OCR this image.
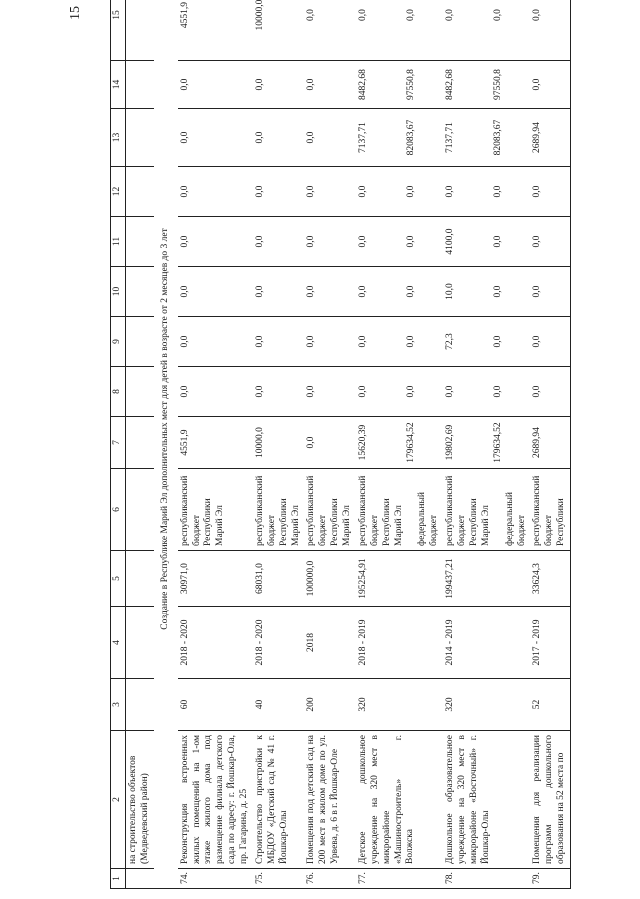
15
1	2	3	4	5	6	7	8	9	10	11	12	13	14	15
	на строительство объектов (Медведевский район)													
Создание в Республике Марий Эл дополнительных мест для детей в возрасте от 2 месяцев до 3 лет														
74.	Реконструкция встроенных жилых помещений на 1-ом этаже жилого дома под размещение филиала детского сада по адресу: г. Йошкар-Ола, пр. Гагарина, д. 25	60	2018 - 2020	30971,0	республиканский бюджет Республики Марий Эл	4551,9	0,0	0,0	0,0	0,0	0,0	0,0	0,0	4551,9

75.	Строительство пристройки к МБДОУ «Детский сад № 41 г. Йошкар-Олы	40	2018 - 2020	68031,0	республиканский бюджет Республики Марий Эл	10000,0	0,0	0,0	0,0	0,0	0,0	0,0	0,0	10000,0

76.	Помещения под детский сад на 200 мест в жилом доме по ул. Урвева, д. 6 в г. Йошкар-Оле	200	2018	100000,0	республиканский бюджет Республики Марий Эл	0,0	0,0	0,0	0,0	0,0	0,0	0,0	0,0	0,0

77.	Детское дошкольное учреждение на 320 мест в микрорайоне «Машиностроитель» г. Волжска	320	2018 - 2019	195254,91	республиканский бюджет Республики Марий Эл федеральный бюджет	15620,39 179634,52	0,0 0,0	0,0 0,0	0,0 0,0	0,0 0,0	0,0 0,0	7137,71 82083,67	8482,68 97550,8	0,0 0,0

78.	Дошкольное образовательное учреждение на 320 мест в микрорайоне «Восточный» г. Йошкар-Олы	320	2014 - 2019	199437,21	республиканский бюджет Республики Марий Эл федеральный бюджет	19802,69 179634,52	0,0 0,0	72,3 0,0	10,0 0,0	4100,0 0,0	0,0 0,0	7137,71 82083,67	8482,68 97550,8	0,0 0,0

79.	Помещения для реализации программ дошкольного образования на 52 места по	52	2017 - 2019	33624,3	республиканский бюджет Республики	2689,94	0,0	0,0	0,0	0,0	0,0	2689,94	0,0	0,0
